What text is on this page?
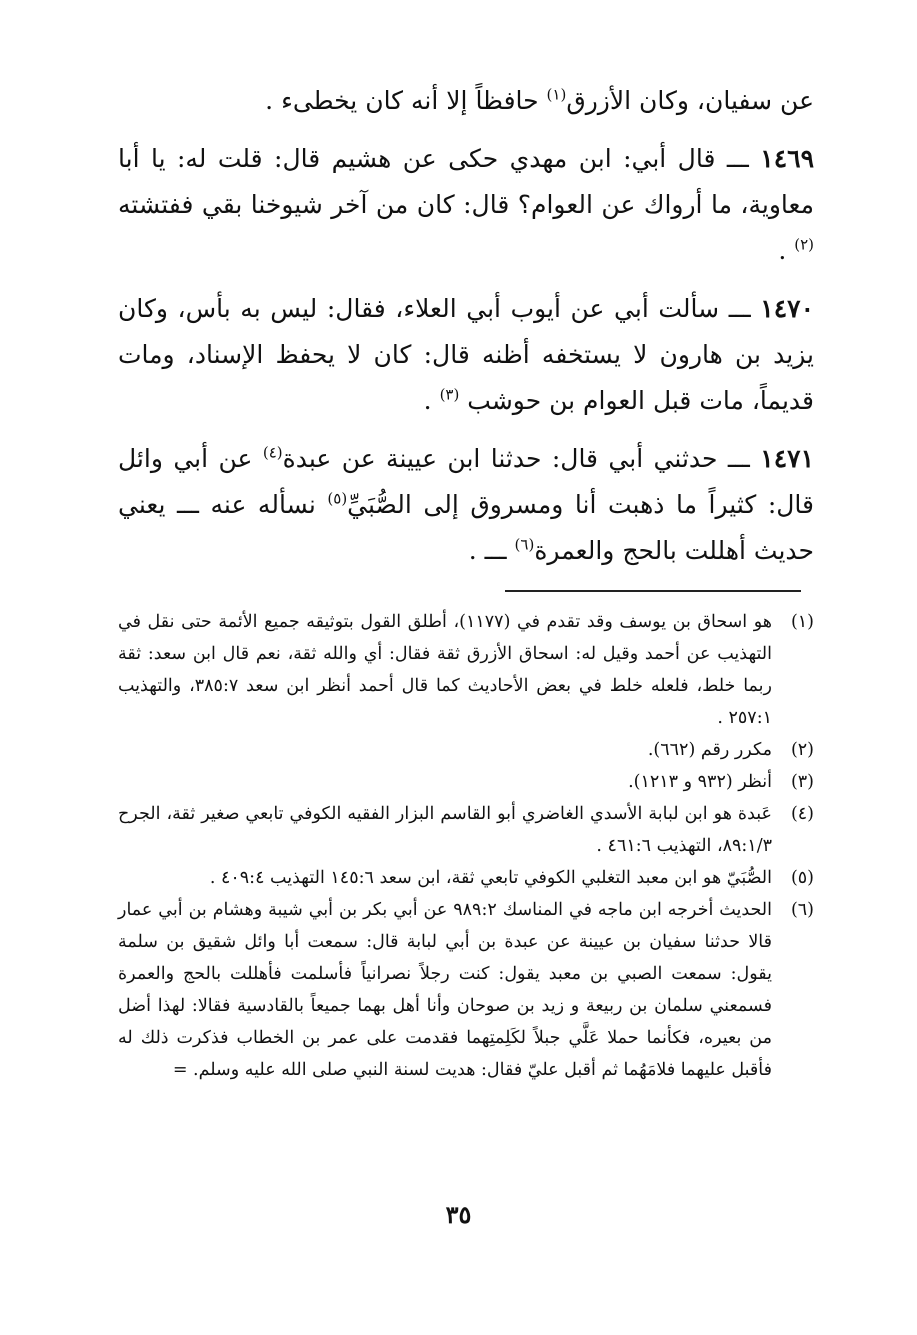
عن سفيان، وكان الأزرق$^{(١)}$ حافظاً إلا أنه كان يخطىء .

١٤٦٩ ـــ قال أبي: ابن مهدي حكى عن هشيم قال: قلت له: يا أبا معاوية، ما أرواك عن العوام؟ قال: كان من آخر شيوخنا بقي ففتشته $^{(٢)}$ .

١٤٧٠ ـــ سألت أبي عن أيوب أبي العلاء، فقال: ليس به بأس، وكان يزيد بن هارون لا يستخفه أظنه قال: كان لا يحفظ الإسناد، ومات قديماً، مات قبل العوام بن حوشب $^{(٣)}$ .

١٤٧١ ـــ حدثني أبي قال: حدثنا ابن عيينة عن عبدة$^{(٤)}$ عن أبي وائل قال: كثيراً ما ذهبت أنا ومسروق إلى الصُّبَيِّ$^{(٥)}$ نسأله عنه ـــ يعني حديث أهللت بالحج والعمرة$^{(٦)}$ ـــ .

(١)
هو اسحاق بن يوسف وقد تقدم في (١١٧٧)، أطلق القول بتوثيقه جميع الأئمة حتى نقل في التهذيب عن أحمد وقيل له: اسحاق الأزرق ثقة فقال: أي والله ثقة، نعم قال ابن سعد: ثقة ربما خلط، فلعله خلط في بعض الأحاديث كما قال أحمد أنظر ابن سعد ٣٨٥:٧، والتهذيب ٢٥٧:١ .
(٢)
مكرر رقم (٦٦٢).
(٣)
أنظر (٩٣٢ و ١٢١٣).
(٤)
عَبدة هو ابن لبابة الأسدي الغاضري أبو القاسم البزار الفقيه الكوفي تابعي صغير ثقة، الجرح ٨٩:١/٣، التهذيب ٤٦١:٦ .
(٥)
الصُّبَيّ هو ابن معبد التغلبي الكوفي تابعي ثقة، ابن سعد ١٤٥:٦ التهذيب ٤٠٩:٤ .
(٦)
الحديث أخرجه ابن ماجه في المناسك ٩٨٩:٢ عن أبي بكر بن أبي شيبة وهشام بن أبي عمار قالا حدثنا سفيان بن عيينة عن عبدة بن أبي لبابة قال: سمعت أبا وائل شقيق بن سلمة يقول: سمعت الصبي بن معبد يقول: كنت رجلاً نصرانياً فأسلمت فأهللت بالحج والعمرة فسمعني سلمان بن ربيعة و زيد بن صوحان وأنا أهل بهما جميعاً بالقادسية فقالا: لهذا أضل من بعيره، فكأنما حملا عَلَّي جبلاً لكَلِمتِهما فقدمت على عمر بن الخطاب فذكرت ذلك له فأقبل عليهما فلامَهُما ثم أقبل عليّ فقال: هديت لسنة النبي صلى الله عليه وسلم. =
٣٥
